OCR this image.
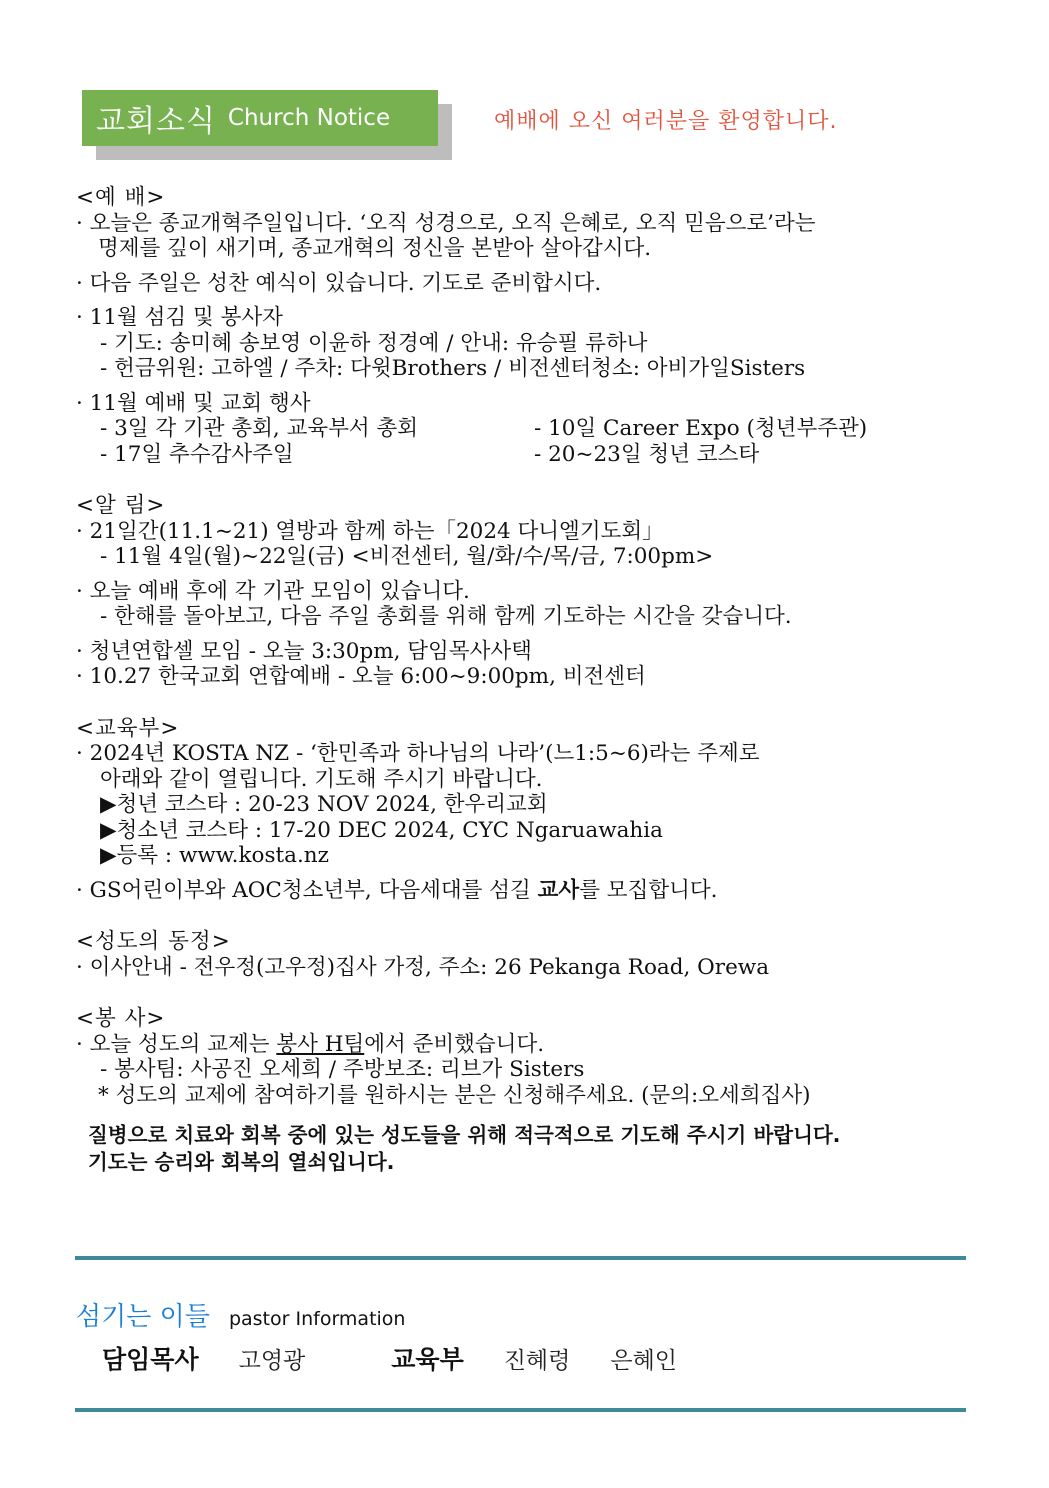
교회소식 Church Notice	예배에 오신 여러분을 환영합니다.

<예 배>

· 오늘은 종교개혁주일입니다. ‘오직 성경으로, 오직 은혜로, 오직 믿음으로’라는

명제를 깊이 새기며, 종교개혁의 정신을 본받아 살아갑시다.

· 다음 주일은 성찬 예식이 있습니다. 기도로 준비합시다.

· 11월 섬김 및 봉사자

- 기도: 송미혜 송보영 이윤하 정경예 / 안내: 유승필 류하나

- 헌금위원: 고하엘 / 주차: 다윗Brothers / 비전센터청소: 아비가일Sisters

· 11월 예배 및 교회 행사

- 3일 각 기관 총회, 교육부서 총회	- 10일 Career Expo (청년부주관)
- 17일 추수감사주일	- 20~23일 청년 코스타

<알 림>

· 21일간(11.1~21) 열방과 함께 하는「2024 다니엘기도회」

- 11월 4일(월)~22일(금) <비전센터, 월/화/수/목/금, 7:00pm>

· 오늘 예배 후에 각 기관 모임이 있습니다.

- 한해를 돌아보고, 다음 주일 총회를 위해 함께 기도하는 시간을 갖습니다.

· 청년연합셀 모임 - 오늘 3:30pm, 담임목사사택

· 10.27 한국교회 연합예배 - 오늘 6:00~9:00pm, 비전센터

<교육부>

· 2024년 KOSTA NZ - ‘한민족과 하나님의 나라’(느1:5~6)라는 주제로

아래와 같이 열립니다. 기도해 주시기 바랍니다.

▶청년 코스타 : 20-23 NOV 2024, 한우리교회

▶청소년 코스타 : 17-20 DEC 2024, CYC Ngaruawahia

▶등록 : www.kosta.nz

· GS어린이부와 AOC청소년부, 다음세대를 섬길 교사를 모집합니다.

<성도의 동정>

· 이사안내 - 전우정(고우정)집사 가정, 주소: 26 Pekanga Road, Orewa

<봉 사>

· 오늘 성도의 교제는 봉사 H팀에서 준비했습니다.

- 봉사팀: 사공진 오세희 / 주방보조: 리브가 Sisters

* 성도의 교제에 참여하기를 원하시는 분은 신청해주세요. (문의:오세희집사)

질병으로 치료와 회복 중에 있는 성도들을 위해 적극적으로 기도해 주시기 바랍니다.
기도는 승리와 회복의 열쇠입니다.
섬기는 이들 pastor Information
담임목사 고영광	교육부 진혜령 은혜인
